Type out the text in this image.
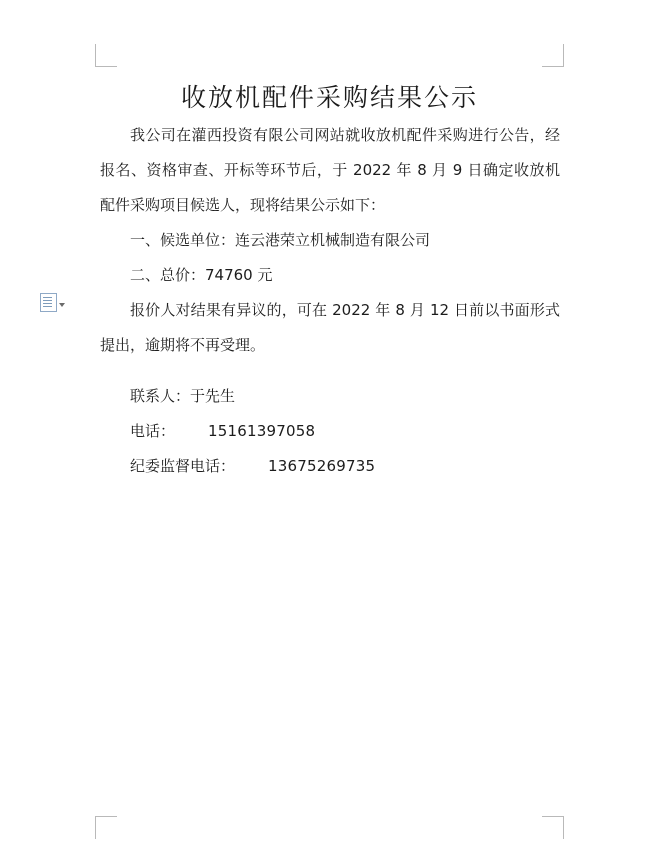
收放机配件采购结果公示

我公司在灌西投资有限公司网站就收放机配件采购进行公告，经报名、资格审查、开标等环节后，于 2022 年 8 月 9 日确定收放机配件采购项目候选人，现将结果公示如下：

一、候选单位：连云港荣立机械制造有限公司

二、总价：74760 元

报价人对结果有异议的，可在 2022 年 8 月 12 日前以书面形式提出，逾期将不再受理。

联系人：于先生

电话： 15161397058

纪委监督电话： 13675269735
